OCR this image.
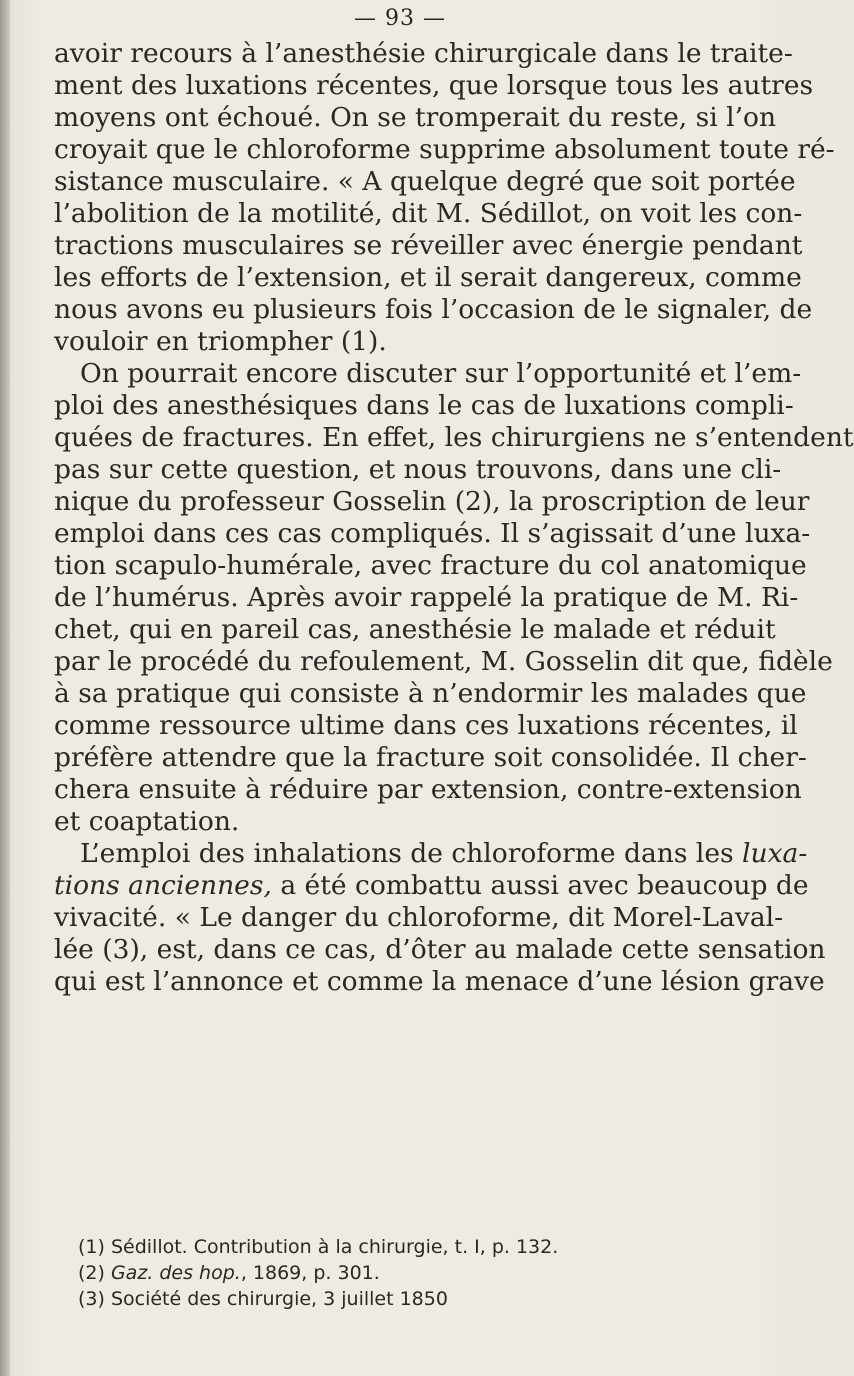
— 93 —
avoir recours à l’anesthésie chirurgicale dans le traite-
ment des luxations récentes, que lorsque tous les autres
moyens ont échoué. On se tromperait du reste, si l’on
croyait que le chloroforme supprime absolument toute ré-
sistance musculaire. « A quelque degré que soit portée
l’abolition de la motilité, dit M. Sédillot, on voit les con-
tractions musculaires se réveiller avec énergie pendant
les efforts de l’extension, et il serait dangereux, comme
nous avons eu plusieurs fois l’occasion de le signaler, de
vouloir en triompher (1).
On pourrait encore discuter sur l’opportunité et l’em-
ploi des anesthésiques dans le cas de luxations compli-
quées de fractures. En effet, les chirurgiens ne s’entendent
pas sur cette question, et nous trouvons, dans une cli-
nique du professeur Gosselin (2), la proscription de leur
emploi dans ces cas compliqués. Il s’agissait d’une luxa-
tion scapulo-humérale, avec fracture du col anatomique
de l’humérus. Après avoir rappelé la pratique de M. Ri-
chet, qui en pareil cas, anesthésie le malade et réduit
par le procédé du refoulement, M. Gosselin dit que, fidèle
à sa pratique qui consiste à n’endormir les malades que
comme ressource ultime dans ces luxations récentes, il
préfère attendre que la fracture soit consolidée. Il cher-
chera ensuite à réduire par extension, contre-extension
et coaptation.
L’emploi des inhalations de chloroforme dans les luxa-
tions anciennes, a été combattu aussi avec beaucoup de
vivacité. « Le danger du chloroforme, dit Morel-Laval-
lée (3), est, dans ce cas, d’ôter au malade cette sensation
qui est l’annonce et comme la menace d’une lésion grave
(1) Sédillot. Contribution à la chirurgie, t. I, p. 132.
(2) Gaz. des hop., 1869, p. 301.
(3) Société des chirurgie, 3 juillet 1850
